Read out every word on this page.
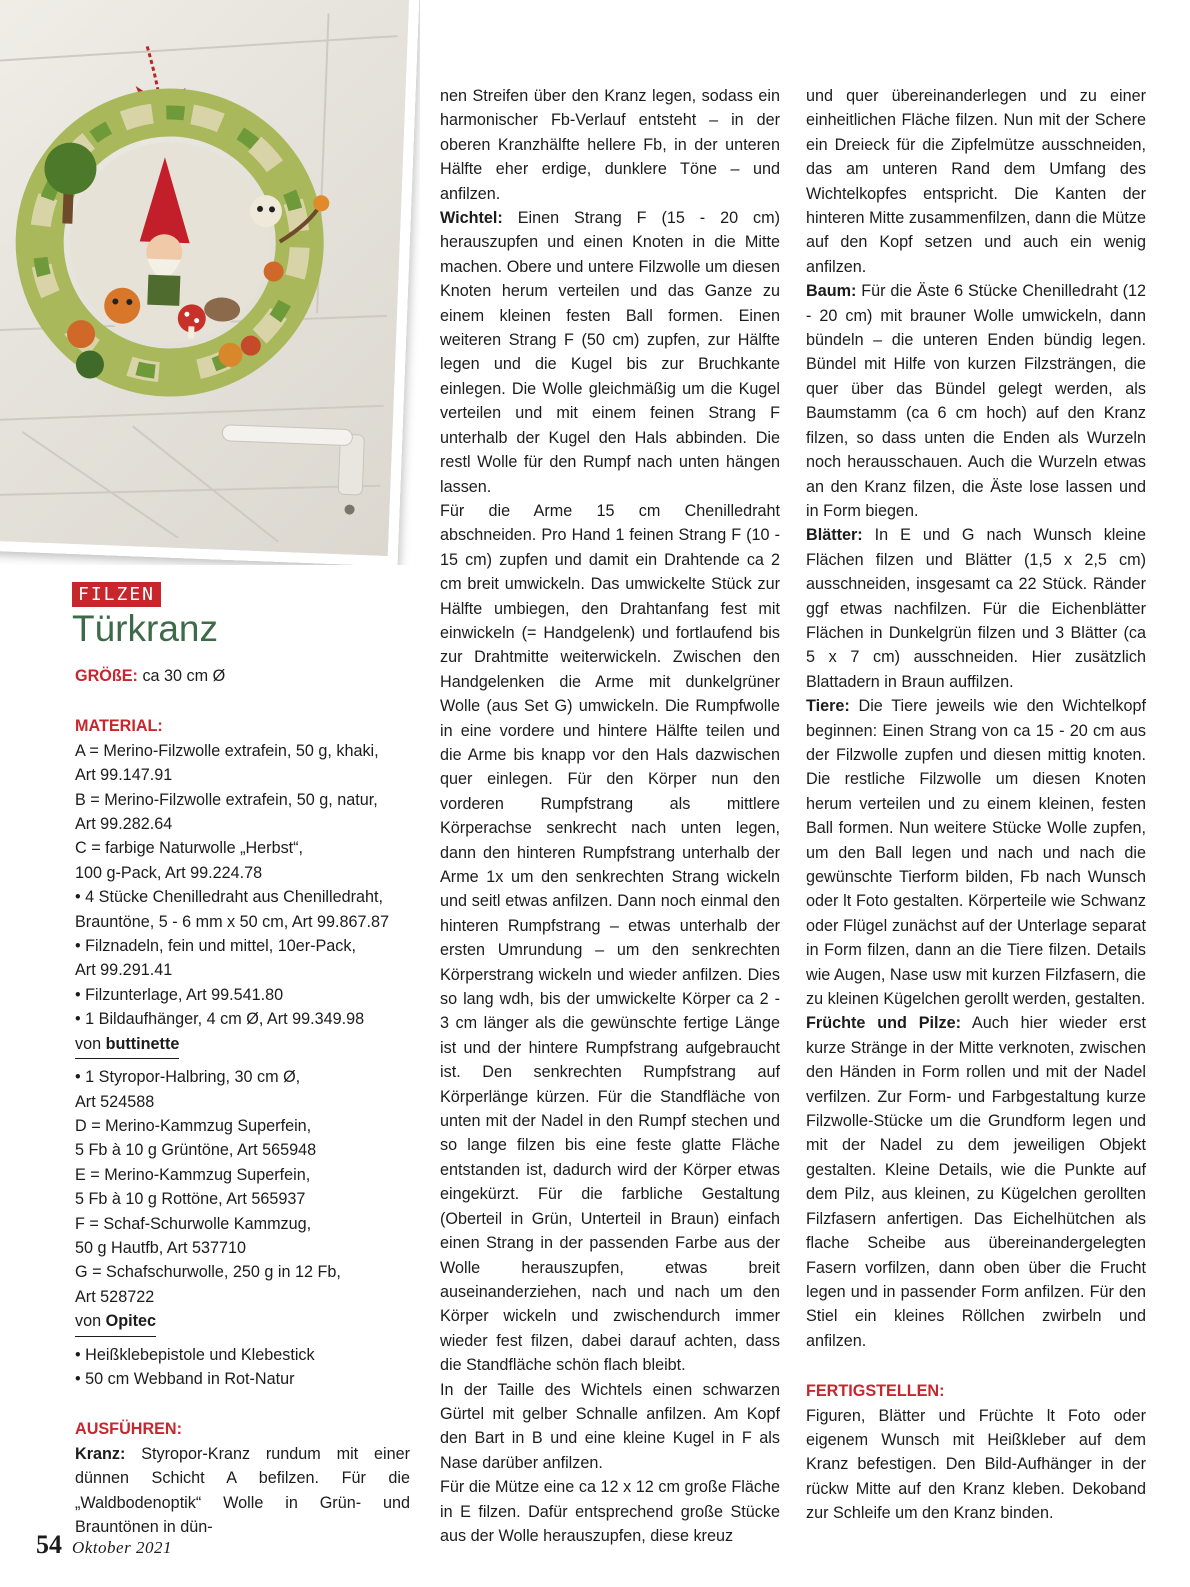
FILZEN
Türkranz
GRÖßE: ca 30 cm Ø
MATERIAL:
A = Merino-Filzwolle extrafein, 50 g, khaki,
Art 99.147.91
B = Merino-Filzwolle extrafein, 50 g, natur,
Art 99.282.64
C = farbige Naturwolle „Herbst“,
100 g-Pack, Art 99.224.78
• 4 Stücke Chenilledraht aus Chenilledraht,
Brauntöne, 5 - 6 mm x 50 cm, Art 99.867.87
• Filznadeln, fein und mittel, 10er-Pack,
Art 99.291.41
• Filzunterlage, Art 99.541.80
• 1 Bildaufhänger, 4 cm Ø, Art 99.349.98
von buttinette
• 1 Styropor-Halbring, 30 cm Ø,
Art 524588
D = Merino-Kammzug Superfein,
5 Fb à 10 g Grüntöne, Art 565948
E = Merino-Kammzug Superfein,
5 Fb à 10 g Rottöne, Art 565937
F = Schaf-Schurwolle Kammzug,
50 g Hautfb, Art 537710
G = Schafschurwolle, 250 g in 12 Fb,
Art 528722
von Opitec
• Heißklebepistole und Klebestick
• 50 cm Webband in Rot-Natur
AUSFÜHREN:

Kranz: Styropor-Kranz rundum mit einer dünnen Schicht A befilzen. Für die „Waldbodenoptik“ Wolle in Grün- und Brauntönen in dün-

nen Streifen über den Kranz legen, sodass ein harmonischer Fb-Verlauf entsteht – in der oberen Kranzhälfte hellere Fb, in der unteren Hälfte eher erdige, dunklere Töne – und anfilzen.

Wichtel: Einen Strang F (15 - 20 cm) herauszupfen und einen Knoten in die Mitte machen. Obere und untere Filzwolle um diesen Knoten herum verteilen und das Ganze zu einem kleinen festen Ball formen. Einen weiteren Strang F (50 cm) zupfen, zur Hälfte legen und die Kugel bis zur Bruchkante einlegen. Die Wolle gleichmäßig um die Kugel verteilen und mit einem feinen Strang F unterhalb der Kugel den Hals abbinden. Die restl Wolle für den Rumpf nach unten hängen lassen.

Für die Arme 15 cm Chenilledraht abschneiden. Pro Hand 1 feinen Strang F (10 - 15 cm) zupfen und damit ein Drahtende ca 2 cm breit umwickeln. Das umwickelte Stück zur Hälfte umbiegen, den Drahtanfang fest mit einwickeln (= Handgelenk) und fortlaufend bis zur Drahtmitte weiterwickeln. Zwischen den Handgelenken die Arme mit dunkelgrüner Wolle (aus Set G) umwickeln. Die Rumpfwolle in eine vordere und hintere Hälfte teilen und die Arme bis knapp vor den Hals dazwischen quer einlegen. Für den Körper nun den vorderen Rumpfstrang als mittlere Körperachse senkrecht nach unten legen, dann den hinteren Rumpfstrang unterhalb der Arme 1x um den senkrechten Strang wickeln und seitl etwas anfilzen. Dann noch einmal den hinteren Rumpfstrang – etwas unterhalb der ersten Umrundung – um den senkrechten Körperstrang wickeln und wieder anfilzen. Dies so lang wdh, bis der umwickelte Körper ca 2 - 3 cm länger als die gewünschte fertige Länge ist und der hintere Rumpfstrang aufgebraucht ist. Den senkrechten Rumpfstrang auf Körperlänge kürzen. Für die Standfläche von unten mit der Nadel in den Rumpf stechen und so lange filzen bis eine feste glatte Fläche entstanden ist, dadurch wird der Körper etwas eingekürzt. Für die farbliche Gestaltung (Oberteil in Grün, Unterteil in Braun) einfach einen Strang in der passenden Farbe aus der Wolle herauszupfen, etwas breit auseinanderziehen, nach und nach um den Körper wickeln und zwischendurch immer wieder fest filzen, dabei darauf achten, dass die Standfläche schön flach bleibt.

In der Taille des Wichtels einen schwarzen Gürtel mit gelber Schnalle anfilzen. Am Kopf den Bart in B und eine kleine Kugel in F als Nase darüber anfilzen.

Für die Mütze eine ca 12 x 12 cm große Fläche in E filzen. Dafür entsprechend große Stücke aus der Wolle herauszupfen, diese kreuz

und quer übereinanderlegen und zu einer einheitlichen Fläche filzen. Nun mit der Schere ein Dreieck für die Zipfelmütze ausschneiden, das am unteren Rand dem Umfang des Wichtelkopfes entspricht. Die Kanten der hinteren Mitte zusammenfilzen, dann die Mütze auf den Kopf setzen und auch ein wenig anfilzen.

Baum: Für die Äste 6 Stücke Chenilledraht (12 - 20 cm) mit brauner Wolle umwickeln, dann bündeln – die unteren Enden bündig legen. Bündel mit Hilfe von kurzen Filzsträngen, die quer über das Bündel gelegt werden, als Baumstamm (ca 6 cm hoch) auf den Kranz filzen, so dass unten die Enden als Wurzeln noch herausschauen. Auch die Wurzeln etwas an den Kranz filzen, die Äste lose lassen und in Form biegen.

Blätter: In E und G nach Wunsch kleine Flächen filzen und Blätter (1,5 x 2,5 cm) ausschneiden, insgesamt ca 22 Stück. Ränder ggf etwas nachfilzen. Für die Eichenblätter Flächen in Dunkelgrün filzen und 3 Blätter (ca 5 x 7 cm) ausschneiden. Hier zusätzlich Blattadern in Braun auffilzen.

Tiere: Die Tiere jeweils wie den Wichtelkopf beginnen: Einen Strang von ca 15 - 20 cm aus der Filzwolle zupfen und diesen mittig knoten. Die restliche Filzwolle um diesen Knoten herum verteilen und zu einem kleinen, festen Ball formen. Nun weitere Stücke Wolle zupfen, um den Ball legen und nach und nach die gewünschte Tierform bilden, Fb nach Wunsch oder lt Foto gestalten. Körperteile wie Schwanz oder Flügel zunächst auf der Unterlage separat in Form filzen, dann an die Tiere filzen. Details wie Augen, Nase usw mit kurzen Filzfasern, die zu kleinen Kügelchen gerollt werden, gestalten.

Früchte und Pilze: Auch hier wieder erst kurze Stränge in der Mitte verknoten, zwischen den Händen in Form rollen und mit der Nadel verfilzen. Zur Form- und Farbgestaltung kurze Filzwolle-Stücke um die Grundform legen und mit der Nadel zu dem jeweiligen Objekt gestalten. Kleine Details, wie die Punkte auf dem Pilz, aus kleinen, zu Kügelchen gerollten Filzfasern anfertigen. Das Eichelhütchen als flache Scheibe aus übereinandergelegten Fasern vorfilzen, dann oben über die Frucht legen und in passender Form anfilzen. Für den Stiel ein kleines Röllchen zwirbeln und anfilzen.

FERTIGSTELLEN:

Figuren, Blätter und Früchte lt Foto oder eigenem Wunsch mit Heißkleber auf dem Kranz befestigen. Den Bild-Aufhänger in der rückw Mitte auf den Kranz kleben. Dekoband zur Schleife um den Kranz binden.

54 Oktober 2021
